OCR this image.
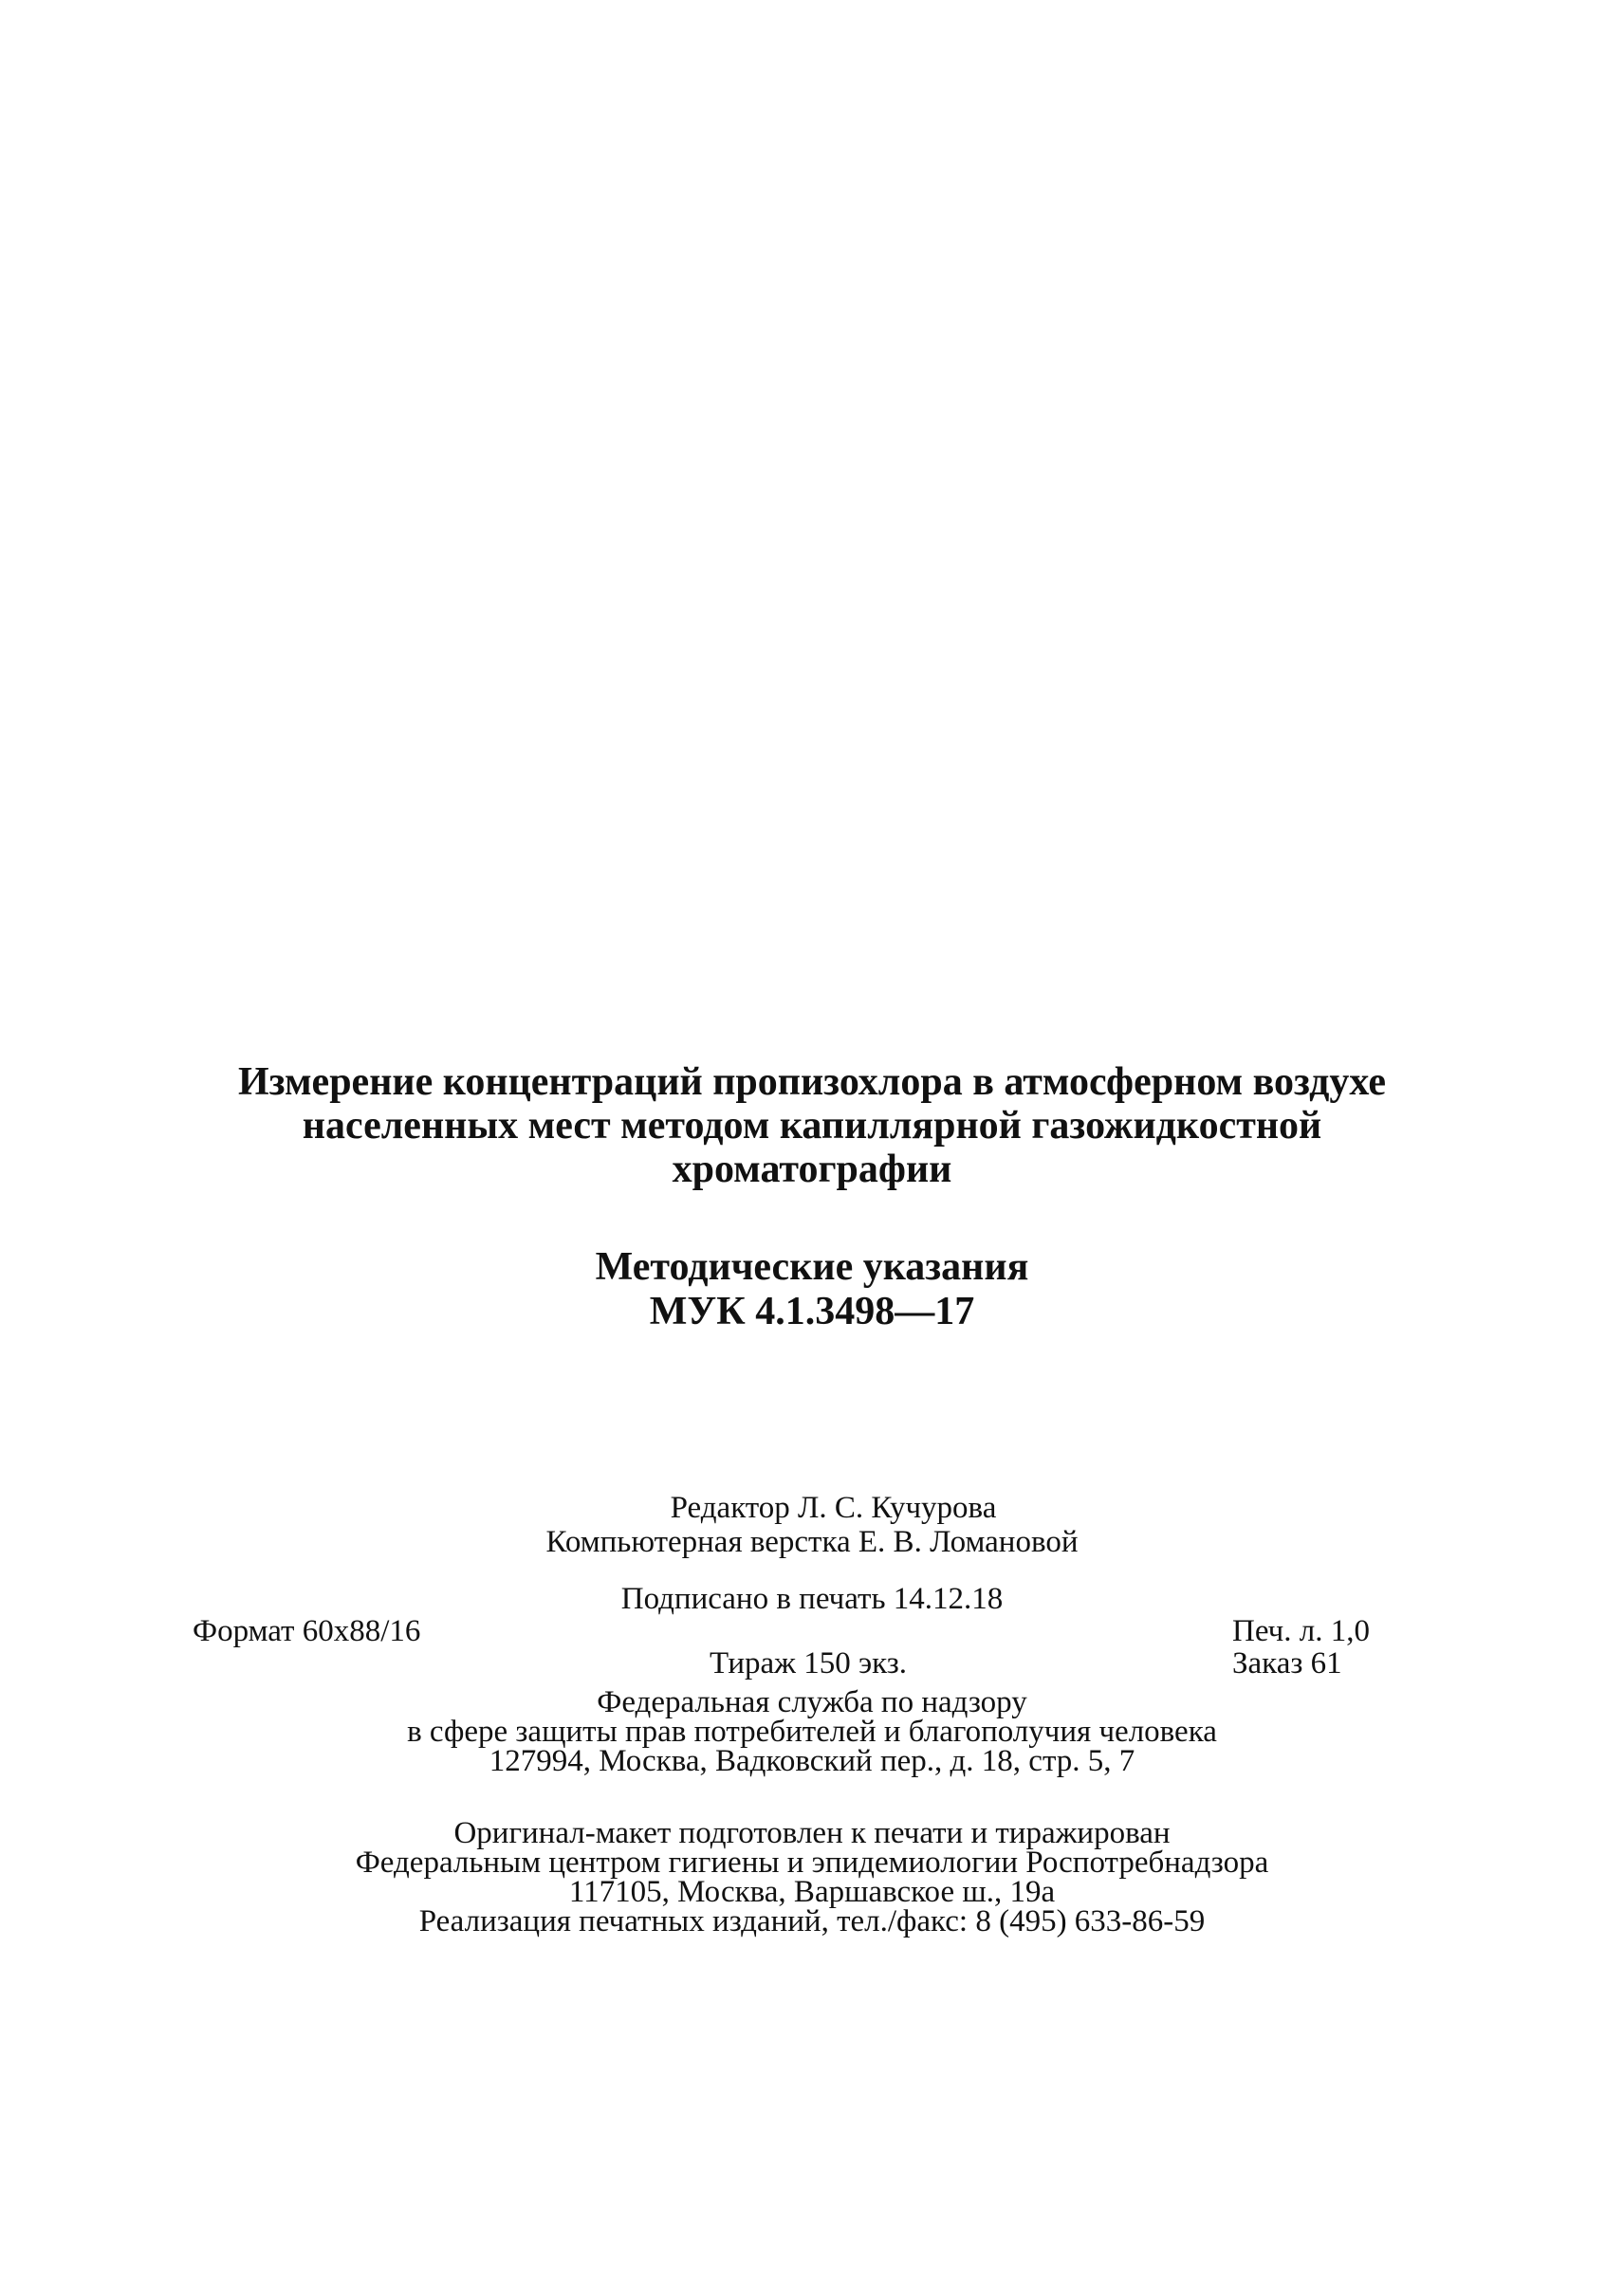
Измерение концентраций пропизохлора в атмосферном воздухе
населенных мест методом капиллярной газожидкостной
хроматографии
Методические указания
МУК 4.1.3498—17
Редактор Л. С. Кучурова
Компьютерная верстка Е. В. Ломановой
Подписано в печать 14.12.18
Формат 60x88/16	Печ. л. 1,0
Тираж 150 экз.	Заказ 61
Федеральная служба по надзору
в сфере защиты прав потребителей и благополучия человека
127994, Москва, Вадковский пер., д. 18, стр. 5, 7
Оригинал-макет подготовлен к печати и тиражирован
Федеральным центром гигиены и эпидемиологии Роспотребнадзора
117105, Москва, Варшавское ш., 19а
Реализация печатных изданий, тел./факс: 8 (495) 633-86-59
